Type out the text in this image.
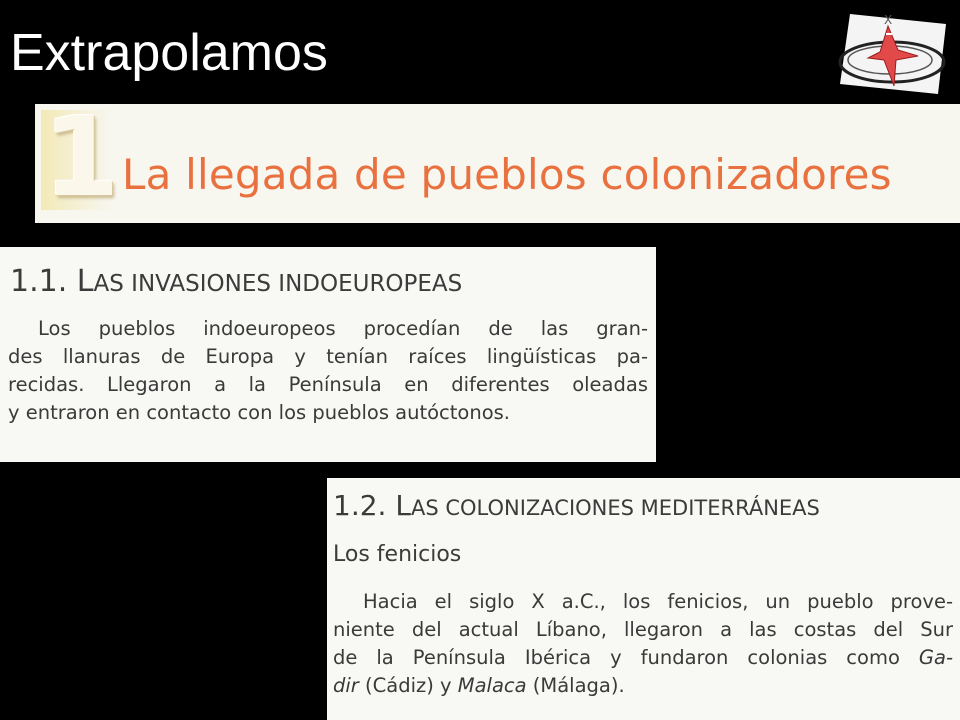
Extrapolamos
X
1 La llegada de pueblos colonizadores
1.1. LAS INVASIONES INDOEUROPEAS
Los pueblos indoeuropeos procedían de las gran-
des llanuras de Europa y tenían raíces lingüísticas pa-
recidas. Llegaron a la Península en diferentes oleadas
y entraron en contacto con los pueblos autóctonos.
1.2. LAS COLONIZACIONES MEDITERRÁNEAS
Los fenicios
Hacia el siglo X a.C., los fenicios, un pueblo prove-
niente del actual Líbano, llegaron a las costas del Sur
de la Península Ibérica y fundaron colonias como Ga-
dir (Cádiz) y Malaca (Málaga).
